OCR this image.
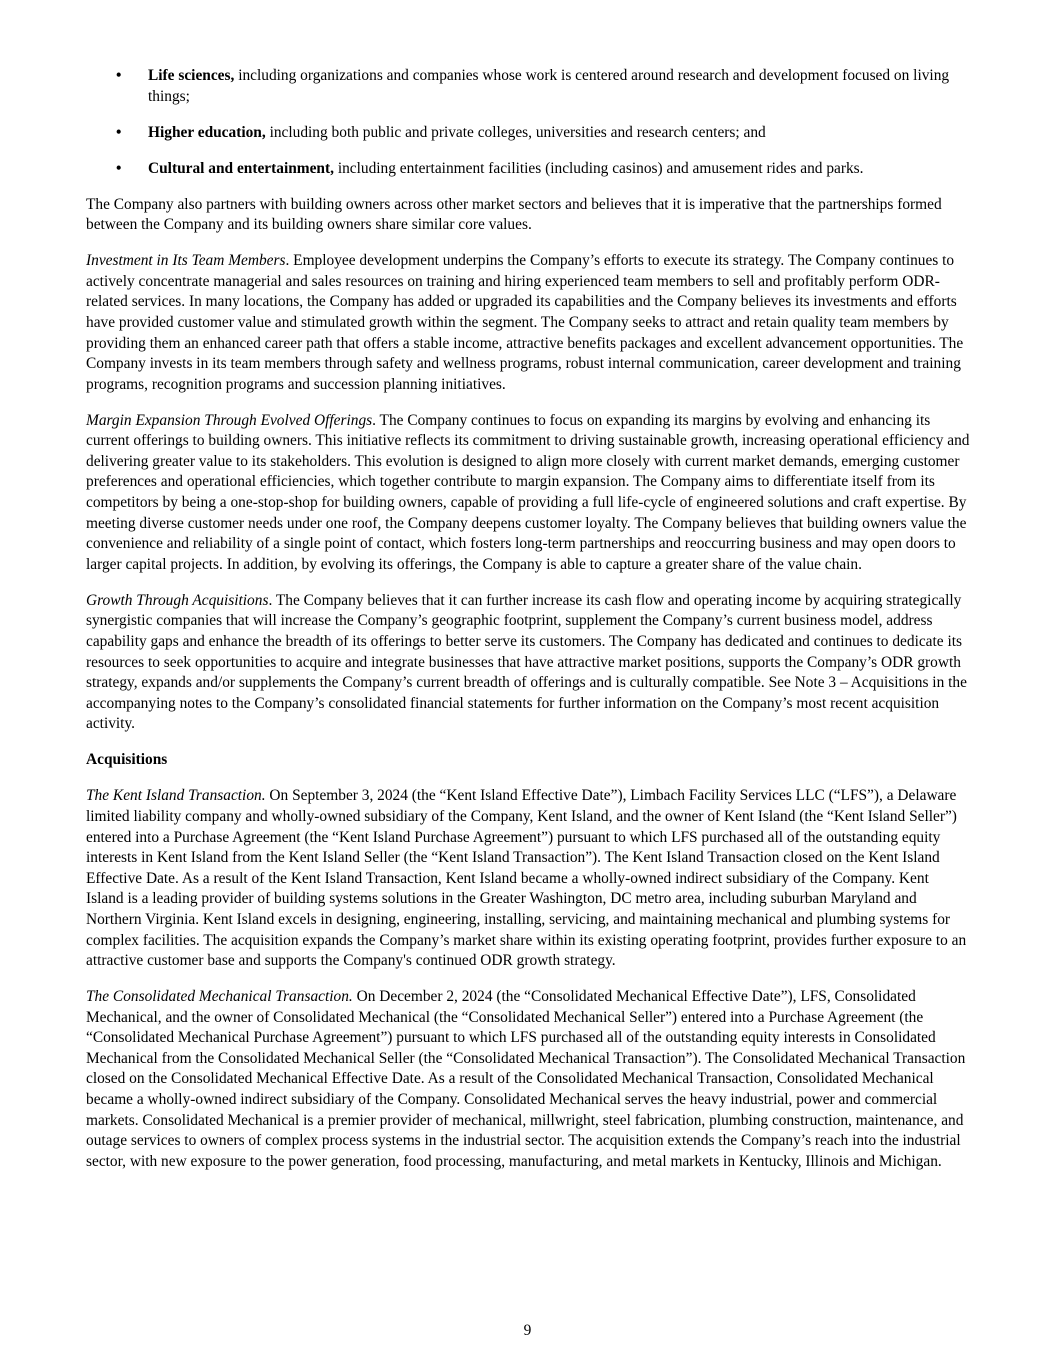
• Life sciences, including organizations and companies whose work is centered around research and development focused on living things;
• Higher education, including both public and private colleges, universities and research centers; and
• Cultural and entertainment, including entertainment facilities (including casinos) and amusement rides and parks.

The Company also partners with building owners across other market sectors and believes that it is imperative that the partnerships formed between the Company and its building owners share similar core values.

Investment in Its Team Members. Employee development underpins the Company’s efforts to execute its strategy. The Company continues to actively concentrate managerial and sales resources on training and hiring experienced team members to sell and profitably perform ODR-related services. In many locations, the Company has added or upgraded its capabilities and the Company believes its investments and efforts have provided customer value and stimulated growth within the segment. The Company seeks to attract and retain quality team members by providing them an enhanced career path that offers a stable income, attractive benefits packages and excellent advancement opportunities. The Company invests in its team members through safety and wellness programs, robust internal communication, career development and training programs, recognition programs and succession planning initiatives.

Margin Expansion Through Evolved Offerings. The Company continues to focus on expanding its margins by evolving and enhancing its current offerings to building owners. This initiative reflects its commitment to driving sustainable growth, increasing operational efficiency and delivering greater value to its stakeholders. This evolution is designed to align more closely with current market demands, emerging customer preferences and operational efficiencies, which together contribute to margin expansion. The Company aims to differentiate itself from its competitors by being a one-stop-shop for building owners, capable of providing a full life-cycle of engineered solutions and craft expertise. By meeting diverse customer needs under one roof, the Company deepens customer loyalty. The Company believes that building owners value the convenience and reliability of a single point of contact, which fosters long-term partnerships and reoccurring business and may open doors to larger capital projects. In addition, by evolving its offerings, the Company is able to capture a greater share of the value chain.

Growth Through Acquisitions. The Company believes that it can further increase its cash flow and operating income by acquiring strategically synergistic companies that will increase the Company’s geographic footprint, supplement the Company’s current business model, address capability gaps and enhance the breadth of its offerings to better serve its customers. The Company has dedicated and continues to dedicate its resources to seek opportunities to acquire and integrate businesses that have attractive market positions, supports the Company’s ODR growth strategy, expands and/or supplements the Company’s current breadth of offerings and is culturally compatible. See Note 3 – Acquisitions in the accompanying notes to the Company’s consolidated financial statements for further information on the Company’s most recent acquisition activity.

Acquisitions

The Kent Island Transaction. On September 3, 2024 (the “Kent Island Effective Date”), Limbach Facility Services LLC (“LFS”), a Delaware limited liability company and wholly-owned subsidiary of the Company, Kent Island, and the owner of Kent Island (the “Kent Island Seller”) entered into a Purchase Agreement (the “Kent Island Purchase Agreement”) pursuant to which LFS purchased all of the outstanding equity interests in Kent Island from the Kent Island Seller (the “Kent Island Transaction”). The Kent Island Transaction closed on the Kent Island Effective Date. As a result of the Kent Island Transaction, Kent Island became a wholly-owned indirect subsidiary of the Company. Kent Island is a leading provider of building systems solutions in the Greater Washington, DC metro area, including suburban Maryland and Northern Virginia. Kent Island excels in designing, engineering, installing, servicing, and maintaining mechanical and plumbing systems for complex facilities. The acquisition expands the Company’s market share within its existing operating footprint, provides further exposure to an attractive customer base and supports the Company's continued ODR growth strategy.

The Consolidated Mechanical Transaction. On December 2, 2024 (the “Consolidated Mechanical Effective Date”), LFS, Consolidated Mechanical, and the owner of Consolidated Mechanical (the “Consolidated Mechanical Seller”) entered into a Purchase Agreement (the “Consolidated Mechanical Purchase Agreement”) pursuant to which LFS purchased all of the outstanding equity interests in Consolidated Mechanical from the Consolidated Mechanical Seller (the “Consolidated Mechanical Transaction”). The Consolidated Mechanical Transaction closed on the Consolidated Mechanical Effective Date. As a result of the Consolidated Mechanical Transaction, Consolidated Mechanical became a wholly-owned indirect subsidiary of the Company. Consolidated Mechanical serves the heavy industrial, power and commercial markets. Consolidated Mechanical is a premier provider of mechanical, millwright, steel fabrication, plumbing construction, maintenance, and outage services to owners of complex process systems in the industrial sector. The acquisition extends the Company’s reach into the industrial sector, with new exposure to the power generation, food processing, manufacturing, and metal markets in Kentucky, Illinois and Michigan.

9
